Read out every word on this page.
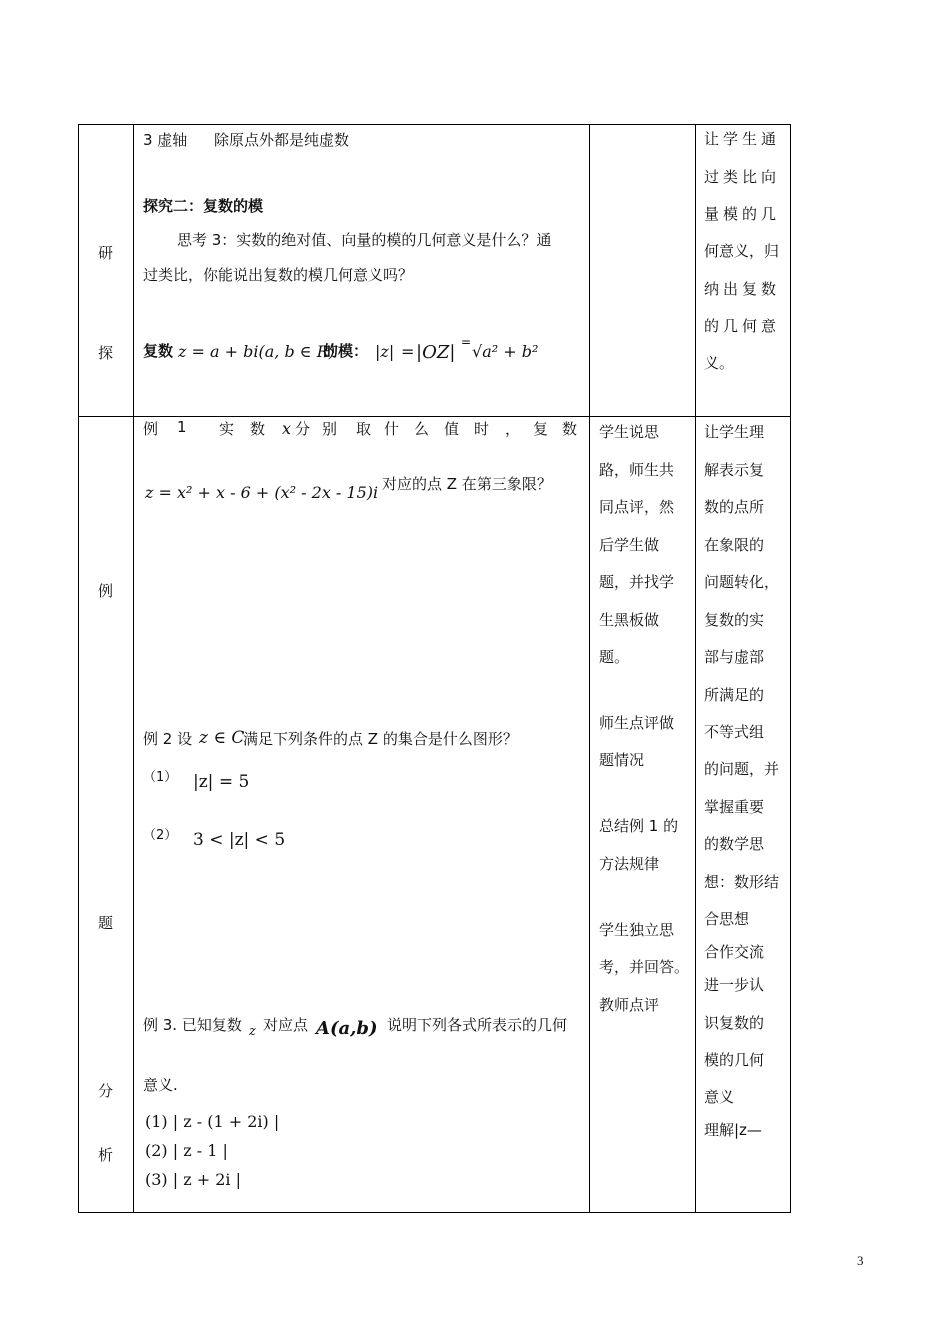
研
探
3 虚轴 除原点外都是纯虚数
探究二：复数的模
思考 3：实数的绝对值、向量的模的几何意义是什么？通
过类比，你能说出复数的模几何意义吗？
复数 z = a + bi(a, b ∈ R)
的模： |z| = |OZ| = √a² + b²
让学生通
过类比向
量模的几
何意义，归
纳出复数
的几何意
义。
例
题
分
析
例 1 实 数 x 分 别 取 什 么 值 时 ， 复 数
z = x² + x - 6 + (x² - 2x - 15)i 对应的点 Z 在第三象限？
例 2 设 z ∈ C
满足下列条件的点 Z 的集合是什么图形？
（1） |z| = 5
（2） 3 < |z| < 5
例 3. 已知复数 z 对应点 A(a,b)
，说明下列各式所表示的几何
意义.
(1) | z - (1 + 2i) |
(2) | z - 1 |
(3) | z + 2i |
学生说思
路，师生共
同点评，然
后学生做
题，并找学
生黑板做
题。
师生点评做
题情况
总结例 1 的
方法规律
学生独立思
考，并回答。
教师点评
让学生理
解表示复
数的点所
在象限的
问题转化，
复数的实
部与虚部
所满足的
不等式组
的问题，并
掌握重要
的数学思
想：数形结
合思想
合作交流
进一步认
识复数的
模的几何
意义
理解|z—
3
